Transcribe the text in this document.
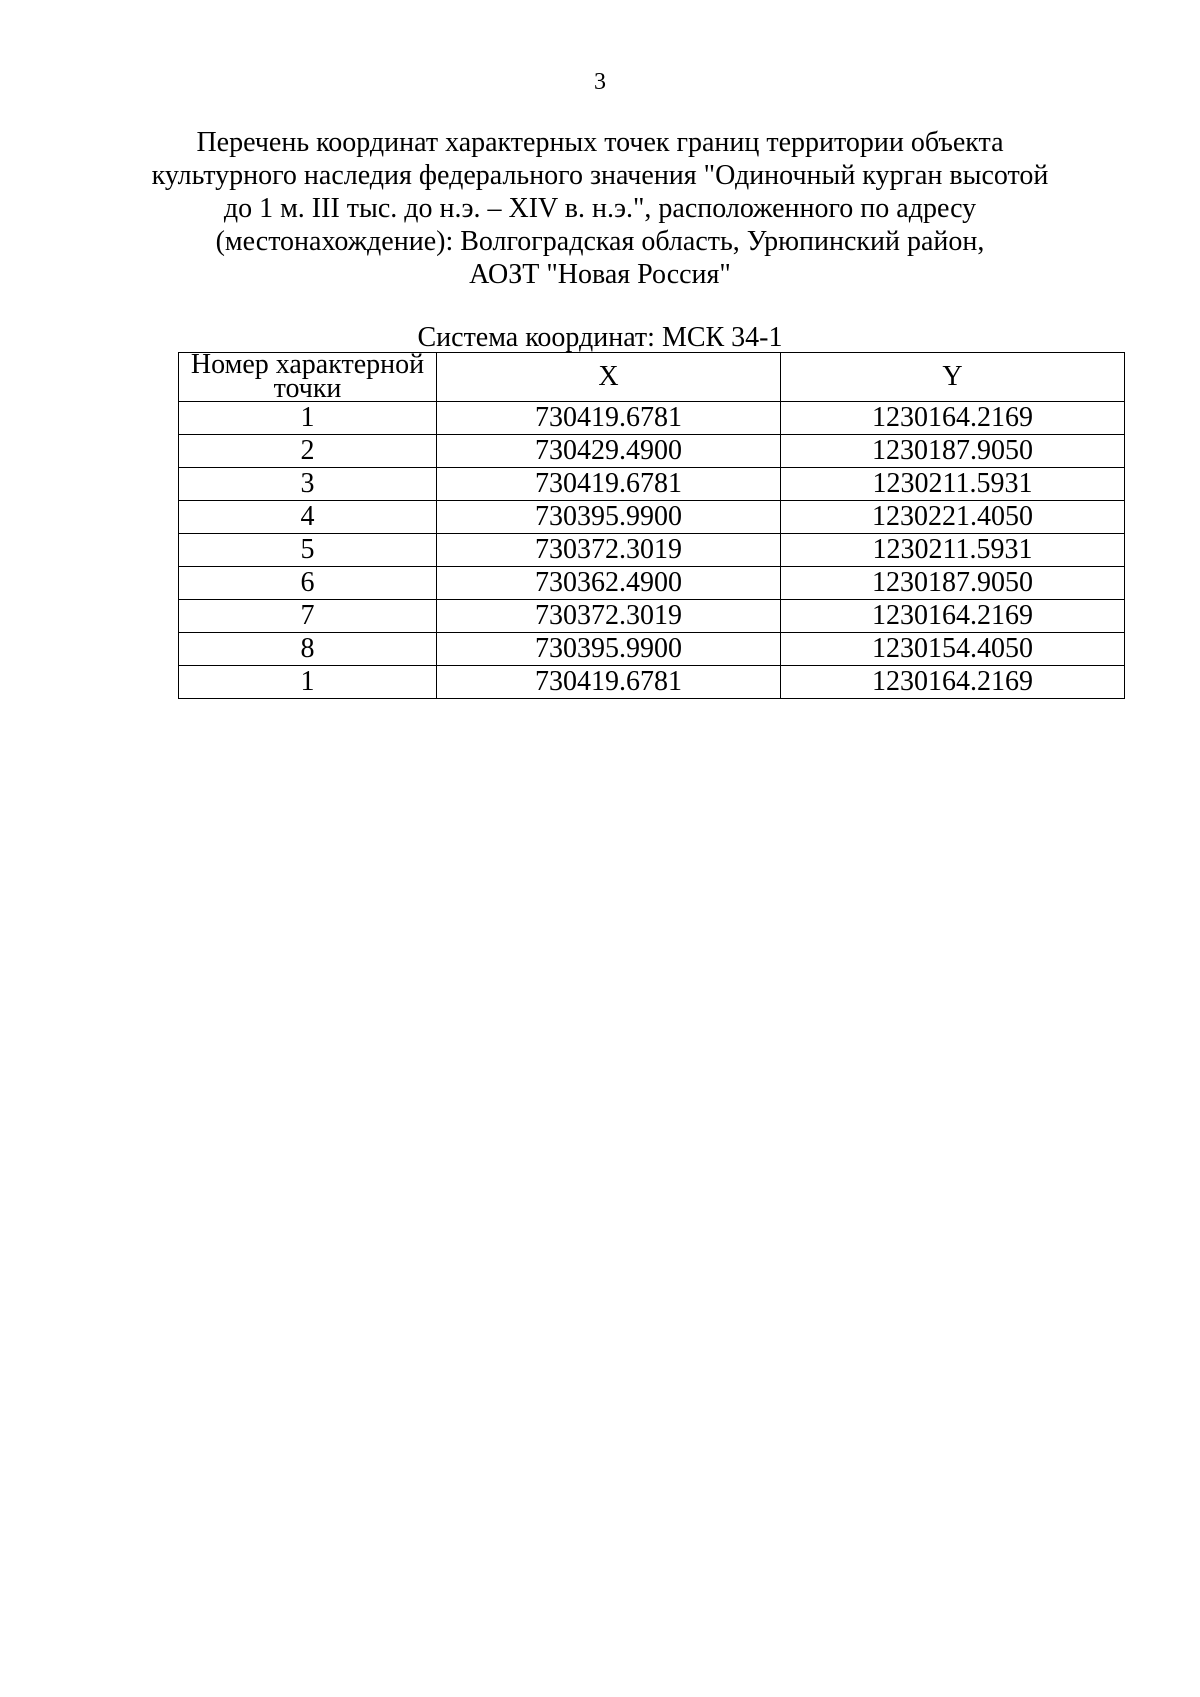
3
Перечень координат характерных точек границ территории объекта
культурного наследия федерального значения "Одиночный курган высотой
до 1 м. III тыс. до н.э. – XIV в. н.э.", расположенного по адресу
(местонахождение): Волгоградская область, Урюпинский район,
АОЗТ "Новая Россия"
Система координат: МСК 34-1
Номер характерной
точки	X	Y
1	730419.6781	1230164.2169
2	730429.4900	1230187.9050
3	730419.6781	1230211.5931
4	730395.9900	1230221.4050
5	730372.3019	1230211.5931
6	730362.4900	1230187.9050
7	730372.3019	1230164.2169
8	730395.9900	1230154.4050
1	730419.6781	1230164.2169
